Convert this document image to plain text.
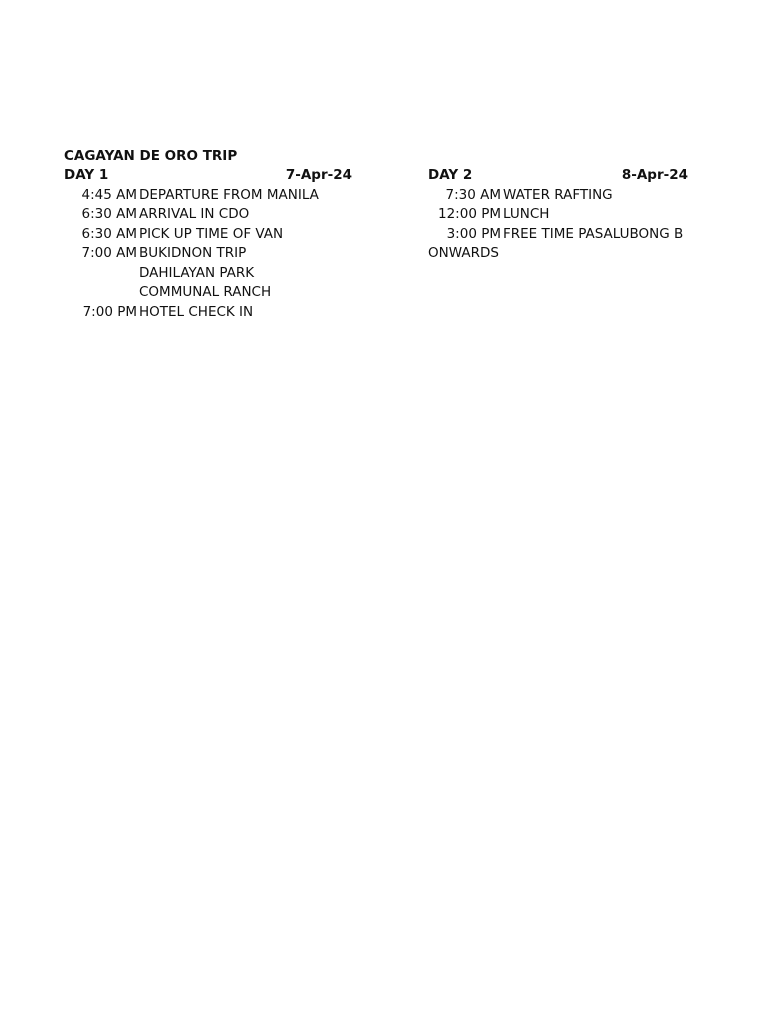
CAGAYAN DE ORO TRIP
DAY 1	7-Apr-24
4:45 AM DEPARTURE FROM MANILA
6:30 AM ARRIVAL IN CDO
6:30 AM PICK UP TIME OF VAN
7:00 AM BUKIDNON TRIP
DAHILAYAN PARK
COMMUNAL RANCH
7:00 PM HOTEL CHECK IN
DAY 2	8-Apr-24
7:30 AM WATER RAFTING
12:00 PM LUNCH
3:00 PM FREE TIME PASALUBONG B
ONWARDS
